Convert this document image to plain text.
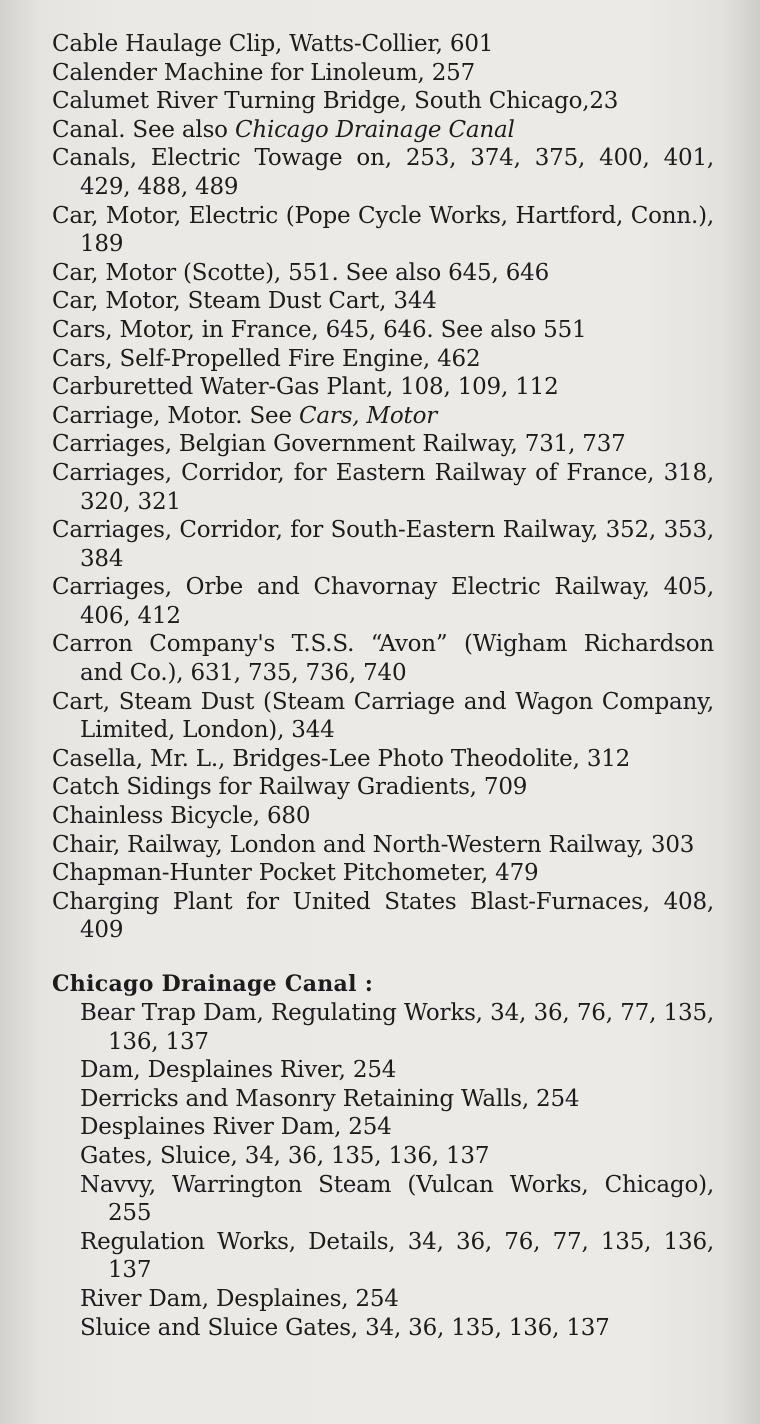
Cable Haulage Clip, Watts-Collier, 601

Calender Machine for Linoleum, 257

Calumet River Turning Bridge, South Chicago,23

Canal. See also Chicago Drainage Canal

Canals, Electric Towage on, 253, 374, 375, 400, 401, 429, 488, 489

Car, Motor, Electric (Pope Cycle Works, Hartford, Conn.), 189

Car, Motor (Scotte), 551. See also 645, 646

Car, Motor, Steam Dust Cart, 344

Cars, Motor, in France, 645, 646. See also 551

Cars, Self-Propelled Fire Engine, 462

Carburetted Water-Gas Plant, 108, 109, 112

Carriage, Motor. See Cars, Motor

Carriages, Belgian Government Railway, 731, 737

Carriages, Corridor, for Eastern Railway of France, 318, 320, 321

Carriages, Corridor, for South-Eastern Railway, 352, 353, 384

Carriages, Orbe and Chavornay Electric Railway, 405, 406, 412

Carron Company's T.S.S. “Avon” (Wigham Richardson and Co.), 631, 735, 736, 740

Cart, Steam Dust (Steam Carriage and Wagon Company, Limited, London), 344

Casella, Mr. L., Bridges-Lee Photo Theodolite, 312

Catch Sidings for Railway Gradients, 709

Chainless Bicycle, 680

Chair, Railway, London and North-Western Railway, 303

Chapman-Hunter Pocket Pitchometer, 479

Charging Plant for United States Blast-Furnaces, 408, 409

Chicago Drainage Canal :

Bear Trap Dam, Regulating Works, 34, 36, 76, 77, 135, 136, 137

Dam, Desplaines River, 254

Derricks and Masonry Retaining Walls, 254

Desplaines River Dam, 254

Gates, Sluice, 34, 36, 135, 136, 137

Navvy, Warrington Steam (Vulcan Works, Chicago), 255

Regulation Works, Details, 34, 36, 76, 77, 135, 136, 137

River Dam, Desplaines, 254

Sluice and Sluice Gates, 34, 36, 135, 136, 137
